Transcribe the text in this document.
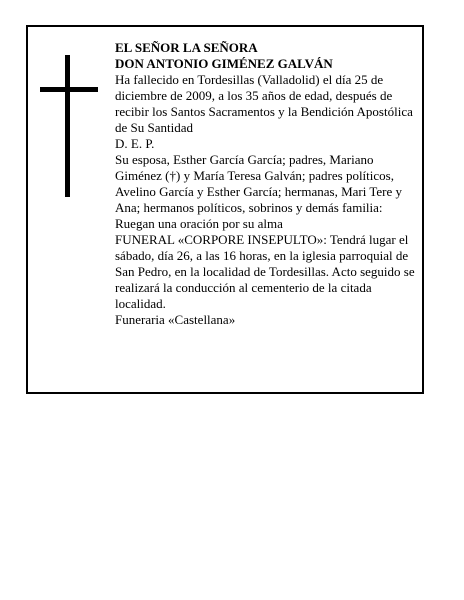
EL SEÑOR LA SEÑORA

DON ANTONIO GIMÉNEZ GALVÁN

Ha fallecido en Tordesillas (Valladolid) el día 25 de diciembre de 2009, a los 35 años de edad, después de recibir los Santos Sacramentos y la Bendición Apostólica de Su Santidad

D. E. P.

Su esposa, Esther García García; padres, Mariano Giménez (†) y María Teresa Galván; padres políticos, Avelino García y Esther García; hermanas, Mari Tere y Ana; hermanos políticos, sobrinos y demás familia:

Ruegan una oración por su alma

FUNERAL «CORPORE INSEPULTO»: Tendrá lugar el sábado, día 26, a las 16 horas, en la iglesia parroquial de San Pedro, en la localidad de Tordesillas. Acto seguido se realizará la conducción al cementerio de la citada localidad.

Funeraria «Castellana»
